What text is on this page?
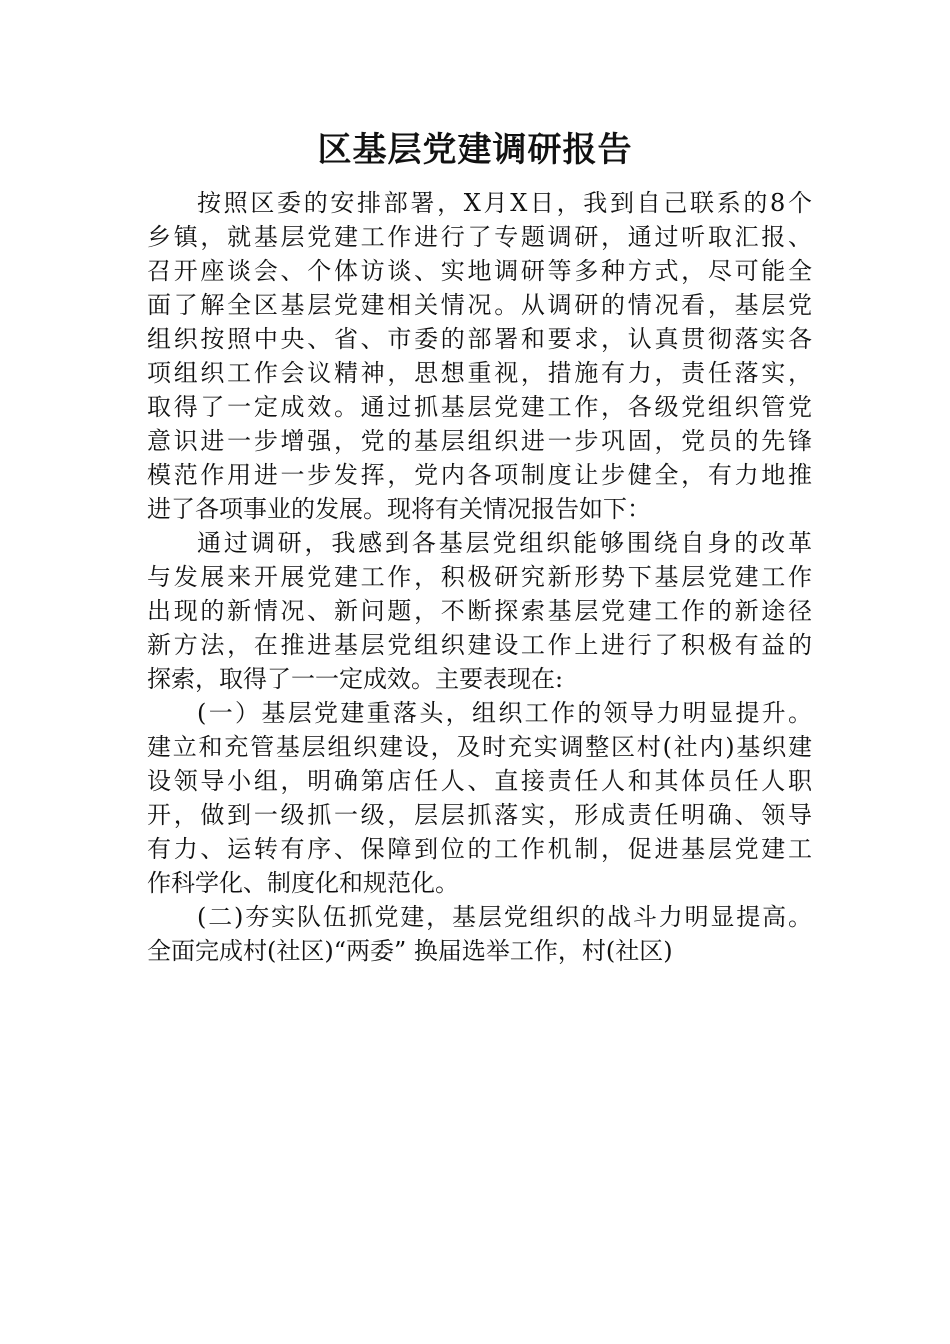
区基层党建调研报告
按照区委的安排部署，X月X日，我到自己联系的8个
乡镇，就基层党建工作进行了专题调研，通过听取汇报、
召开座谈会、个体访谈、实地调研等多种方式，尽可能全
面了解全区基层党建相关情况。从调研的情况看，基层党
组织按照中央、省、市委的部署和要求，认真贯彻落实各
项组织工作会议精神，思想重视，措施有力，责任落实，
取得了一定成效。通过抓基层党建工作，各级党组织管党
意识进一步增强，党的基层组织进一步巩固，党员的先锋
模范作用进一步发挥，党内各项制度让步健全，有力地推
进了各项事业的发展。现将有关情况报告如下：
通过调研，我感到各基层党组织能够围绕自身的改革
与发展来开展党建工作，积极研究新形势下基层党建工作
出现的新情况、新问题，不断探索基层党建工作的新途径
新方法，在推进基层党组织建设工作上进行了积极有益的
探索，取得了一一定成效。主要表现在:
(一）基层党建重落头，组织工作的领导力明显提升。
建立和充管基层组织建设，及时充实调整区村(社内)基织建
设领导小组，明确第店任人、直接责任人和其体员任人职
开，做到一级抓一级，层层抓落实，形成责任明确、领导
有力、运转有序、保障到位的工作机制，促进基层党建工
作科学化、制度化和规范化。
(二)夯实队伍抓党建，基层党组织的战斗力明显提高。
全面完成村(社区)“两委” 换届选举工作，村(社区)
